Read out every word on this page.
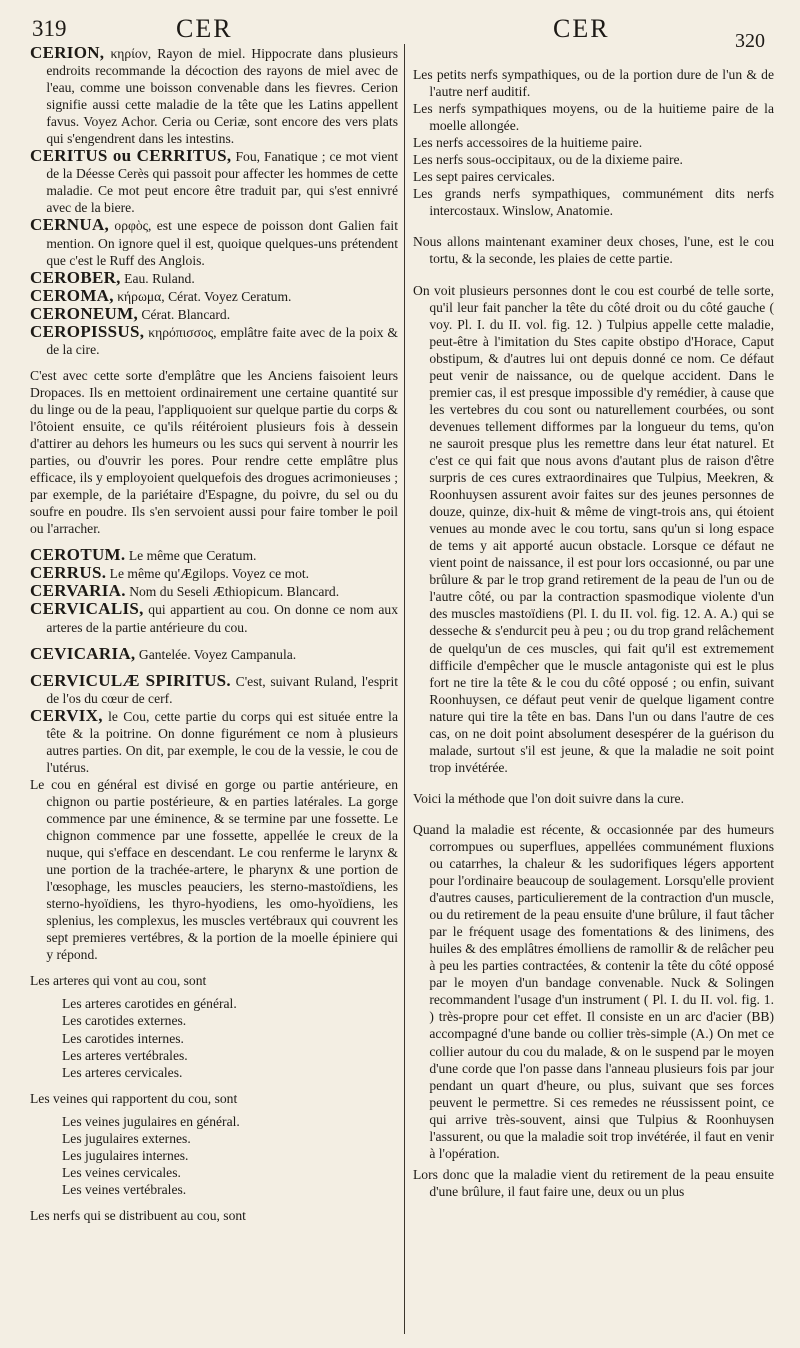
319	CER	CER	320

CERION, κηρίον, Rayon de miel. Hippocrate dans plusieurs endroits recommande la décoction des rayons de miel avec de l'eau, comme une boisson convenable dans les fievres. Cerion signifie aussi cette maladie de la tête que les Latins appellent favus. Voyez Achor. Ceria ou Ceriæ, sont encore des vers plats qui s'engendrent dans les intestins.

CERITUS ou CERRITUS, Fou, Fanatique ; ce mot vient de la Déesse Cerès qui passoit pour affecter les hommes de cette maladie. Ce mot peut encore être traduit par, qui s'est ennivré avec de la biere.

CERNUA, ορφὸς, est une espece de poisson dont Galien fait mention. On ignore quel il est, quoique quelques-uns prétendent que c'est le Ruff des Anglois.

CEROBER, Eau. Ruland.

CEROMA, κήρωμα, Cérat. Voyez Ceratum.

CERONEUM, Cérat. Blancard.

CEROPISSUS, κηρόπισσος, emplâtre faite avec de la poix & de la cire.

C'est avec cette sorte d'emplâtre que les Anciens faisoient leurs Dropaces. Ils en mettoient ordinairement une certaine quantité sur du linge ou de la peau, l'appliquoient sur quelque partie du corps & l'ôtoient ensuite, ce qu'ils réitéroient plusieurs fois à dessein d'attirer au dehors les humeurs ou les sucs qui servent à nourrir les parties, ou d'ouvrir les pores. Pour rendre cette emplâtre plus efficace, ils y employoient quelquefois des drogues acrimonieuses ; par exemple, de la pariétaire d'Espagne, du poivre, du sel ou du soufre en poudre. Ils s'en servoient aussi pour faire tomber le poil ou l'arracher.

CEROTUM. Le même que Ceratum.

CERRUS. Le même qu'Ægilops. Voyez ce mot.

CERVARIA. Nom du Seseli Æthiopicum. Blancard.

CERVICALIS, qui appartient au cou. On donne ce nom aux arteres de la partie antérieure du cou.

CEVICARIA, Gantelée. Voyez Campanula.

CERVICULÆ SPIRITUS. C'est, suivant Ruland, l'esprit de l'os du cœur de cerf.

CERVIX, le Cou, cette partie du corps qui est située entre la tête & la poitrine. On donne figurément ce nom à plusieurs autres parties. On dit, par exemple, le cou de la vessie, le cou de l'utérus.

Le cou en général est divisé en gorge ou partie antérieure, en chignon ou partie postérieure, & en parties latérales. La gorge commence par une éminence, & se termine par une fossette. Le chignon commence par une fossette, appellée le creux de la nuque, qui s'efface en descendant. Le cou renferme le larynx & une portion de la trachée-artere, le pharynx & une portion de l'œsophage, les muscles peauciers, les sterno-mastoïdiens, les sterno-hyoïdiens, les thyro-hyodiens, les omo-hyoïdiens, les splenius, les complexus, les muscles vertébraux qui couvrent les sept premieres vertébres, & la portion de la moelle épiniere qui y répond.

Les arteres qui vont au cou, sont

Les arteres carotides en général.

Les carotides externes.

Les carotides internes.

Les arteres vertébrales.

Les arteres cervicales.

Les veines qui rapportent du cou, sont

Les veines jugulaires en général.

Les jugulaires externes.

Les jugulaires internes.

Les veines cervicales.

Les veines vertébrales.

Les nerfs qui se distribuent au cou, sont

Les petits nerfs sympathiques, ou de la portion dure de l'un & de l'autre nerf auditif.

Les nerfs sympathiques moyens, ou de la huitieme paire de la moelle allongée.

Les nerfs accessoires de la huitieme paire.

Les nerfs sous-occipitaux, ou de la dixieme paire.

Les sept paires cervicales.

Les grands nerfs sympathiques, communément dits nerfs intercostaux. Winslow, Anatomie.

Nous allons maintenant examiner deux choses, l'une, est le cou tortu, & la seconde, les plaies de cette partie.

On voit plusieurs personnes dont le cou est courbé de telle sorte, qu'il leur fait pancher la tête du côté droit ou du côté gauche ( voy. Pl. I. du II. vol. fig. 12. ) Tulpius appelle cette maladie, peut-être à l'imitation du Stes capite obstipo d'Horace, Caput obstipum, & d'autres lui ont depuis donné ce nom. Ce défaut peut venir de naissance, ou de quelque accident. Dans le premier cas, il est presque impossible d'y remédier, à cause que les vertebres du cou sont ou naturellement courbées, ou sont devenues tellement difformes par la longueur du tems, qu'on ne sauroit presque plus les remettre dans leur état naturel. Et c'est ce qui fait que nous avons d'autant plus de raison d'être surpris de ces cures extraordinaires que Tulpius, Meekren, & Roonhuysen assurent avoir faites sur des jeunes personnes de douze, quinze, dix-huit & même de vingt-trois ans, qui étoient venues au monde avec le cou tortu, sans qu'un si long espace de tems y ait apporté aucun obstacle. Lorsque ce défaut ne vient point de naissance, il est pour lors occasionné, ou par une brûlure & par le trop grand retirement de la peau de l'un ou de l'autre côté, ou par la contraction spasmodique violente d'un des muscles mastoïdiens (Pl. I. du II. vol. fig. 12. A. A.) qui se desseche & s'endurcit peu à peu ; ou du trop grand relâchement de quelqu'un de ces muscles, qui fait qu'il est extremement difficile d'empêcher que le muscle antagoniste qui est le plus fort ne tire la tête & le cou du côté opposé ; ou enfin, suivant Roonhuysen, ce défaut peut venir de quelque ligament contre nature qui tire la tête en bas. Dans l'un ou dans l'autre de ces cas, on ne doit point absolument desespérer de la guérison du malade, surtout s'il est jeune, & que la maladie ne soit point trop invétérée.

Voici la méthode que l'on doit suivre dans la cure.

Quand la maladie est récente, & occasionnée par des humeurs corrompues ou superflues, appellées communément fluxions ou catarrhes, la chaleur & les sudorifiques légers apportent pour l'ordinaire beaucoup de soulagement. Lorsqu'elle provient d'autres causes, particulierement de la contraction d'un muscle, ou du retirement de la peau ensuite d'une brûlure, il faut tâcher par le fréquent usage des fomentations & des linimens, des huiles & des emplâtres émolliens de ramollir & de relâcher peu à peu les parties contractées, & contenir la tête du côté opposé par le moyen d'un bandage convenable. Nuck & Solingen recommandent l'usage d'un instrument ( Pl. I. du II. vol. fig. 1. ) très-propre pour cet effet. Il consiste en un arc d'acier (BB) accompagné d'une bande ou collier très-simple (A.) On met ce collier autour du cou du malade, & on le suspend par le moyen d'une corde que l'on passe dans l'anneau plusieurs fois par jour pendant un quart d'heure, ou plus, suivant que ses forces peuvent le permettre. Si ces remedes ne réussissent point, ce qui arrive très-souvent, ainsi que Tulpius & Roonhuysen l'assurent, ou que la maladie soit trop invétérée, il faut en venir à l'opération.

Lors donc que la maladie vient du retirement de la peau ensuite d'une brûlure, il faut faire une, deux ou un plus
